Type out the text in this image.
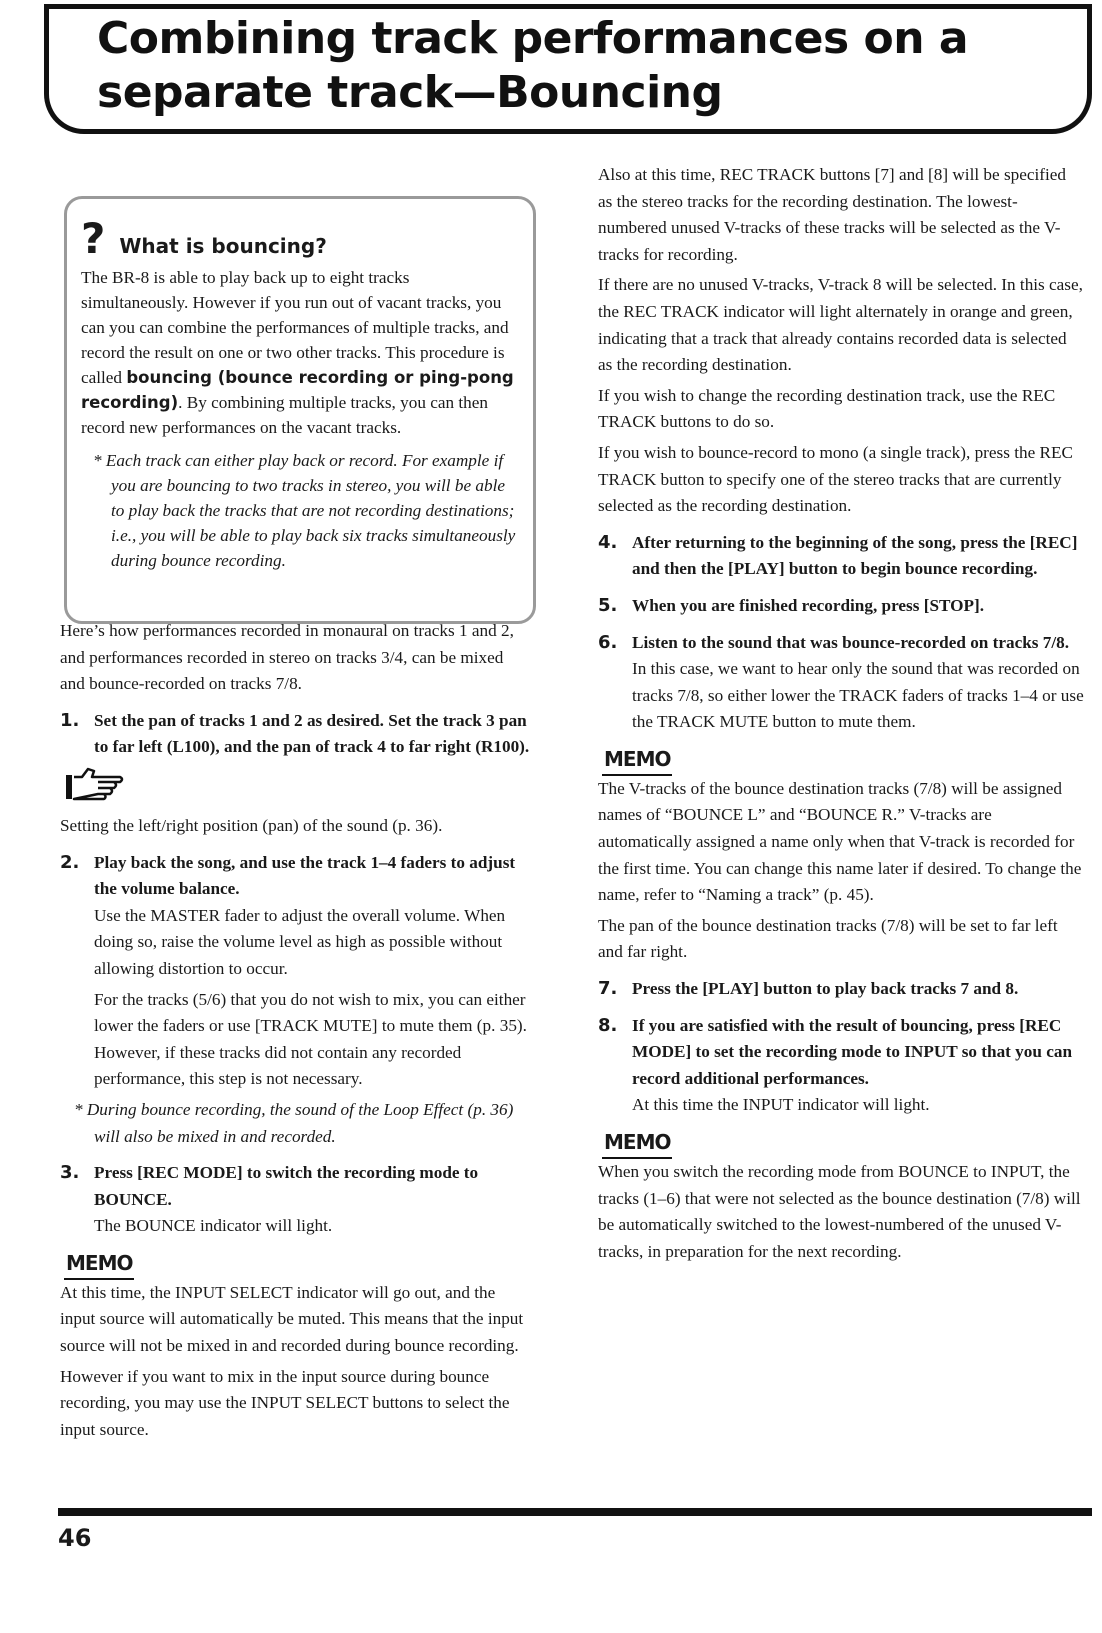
Combining track performances on a
separate track—Bouncing
? What is bouncing?

The BR-8 is able to play back up to eight tracks simultaneously. However if you run out of vacant tracks, you can you can combine the performances of multiple tracks, and record the result on one or two other tracks. This procedure is called bouncing (bounce recording or ping-pong recording). By combining multiple tracks, you can then record new performances on the vacant tracks.

* Each track can either play back or record. For example if you are bouncing to two tracks in stereo, you will be able to play back the tracks that are not recording destinations; i.e., you will be able to play back six tracks simultaneously during bounce recording.

Here’s how performances recorded in monaural on tracks 1 and 2, and performances recorded in stereo on tracks 3/4, can be mixed and bounce-recorded on tracks 7/8.

1. Set the pan of tracks 1 and 2 as desired. Set the track 3 pan to far left (L100), and the pan of track 4 to far right (R100).

Setting the left/right position (pan) of the sound (p. 36).

2. Play back the song, and use the track 1–4 faders to adjust the volume balance.

Use the MASTER fader to adjust the overall volume. When doing so, raise the volume level as high as possible without allowing distortion to occur.

For the tracks (5/6) that you do not wish to mix, you can either lower the faders or use [TRACK MUTE] to mute them (p. 35). However, if these tracks did not contain any recorded performance, this step is not necessary.

* During bounce recording, the sound of the Loop Effect (p. 36) will also be mixed in and recorded.

3. Press [REC MODE] to switch the recording mode to BOUNCE.

The BOUNCE indicator will light.

MEMO

At this time, the INPUT SELECT indicator will go out, and the input source will automatically be muted. This means that the input source will not be mixed in and recorded during bounce recording.

However if you want to mix in the input source during bounce recording, you may use the INPUT SELECT buttons to select the input source.

Also at this time, REC TRACK buttons [7] and [8] will be specified as the stereo tracks for the recording destination. The lowest-numbered unused V-tracks of these tracks will be selected as the V-tracks for recording.

If there are no unused V-tracks, V-track 8 will be selected. In this case, the REC TRACK indicator will light alternately in orange and green, indicating that a track that already contains recorded data is selected as the recording destination.

If you wish to change the recording destination track, use the REC TRACK buttons to do so.

If you wish to bounce-record to mono (a single track), press the REC TRACK button to specify one of the stereo tracks that are currently selected as the recording destination.

4. After returning to the beginning of the song, press the [REC] and then the [PLAY] button to begin bounce recording.
5. When you are finished recording, press [STOP].
6. Listen to the sound that was bounce-recorded on tracks 7/8.

In this case, we want to hear only the sound that was recorded on tracks 7/8, so either lower the TRACK faders of tracks 1–4 or use the TRACK MUTE button to mute them.

MEMO

The V-tracks of the bounce destination tracks (7/8) will be assigned names of “BOUNCE L” and “BOUNCE R.” V-tracks are automatically assigned a name only when that V-track is recorded for the first time. You can change this name later if desired. To change the name, refer to “Naming a track” (p. 45).

The pan of the bounce destination tracks (7/8) will be set to far left and far right.

7. Press the [PLAY] button to play back tracks 7 and 8.
8. If you are satisfied with the result of bouncing, press [REC MODE] to set the recording mode to INPUT so that you can record additional performances.

At this time the INPUT indicator will light.

MEMO

When you switch the recording mode from BOUNCE to INPUT, the tracks (1–6) that were not selected as the bounce destination (7/8) will be automatically switched to the lowest-numbered of the unused V-tracks, in preparation for the next recording.

46
